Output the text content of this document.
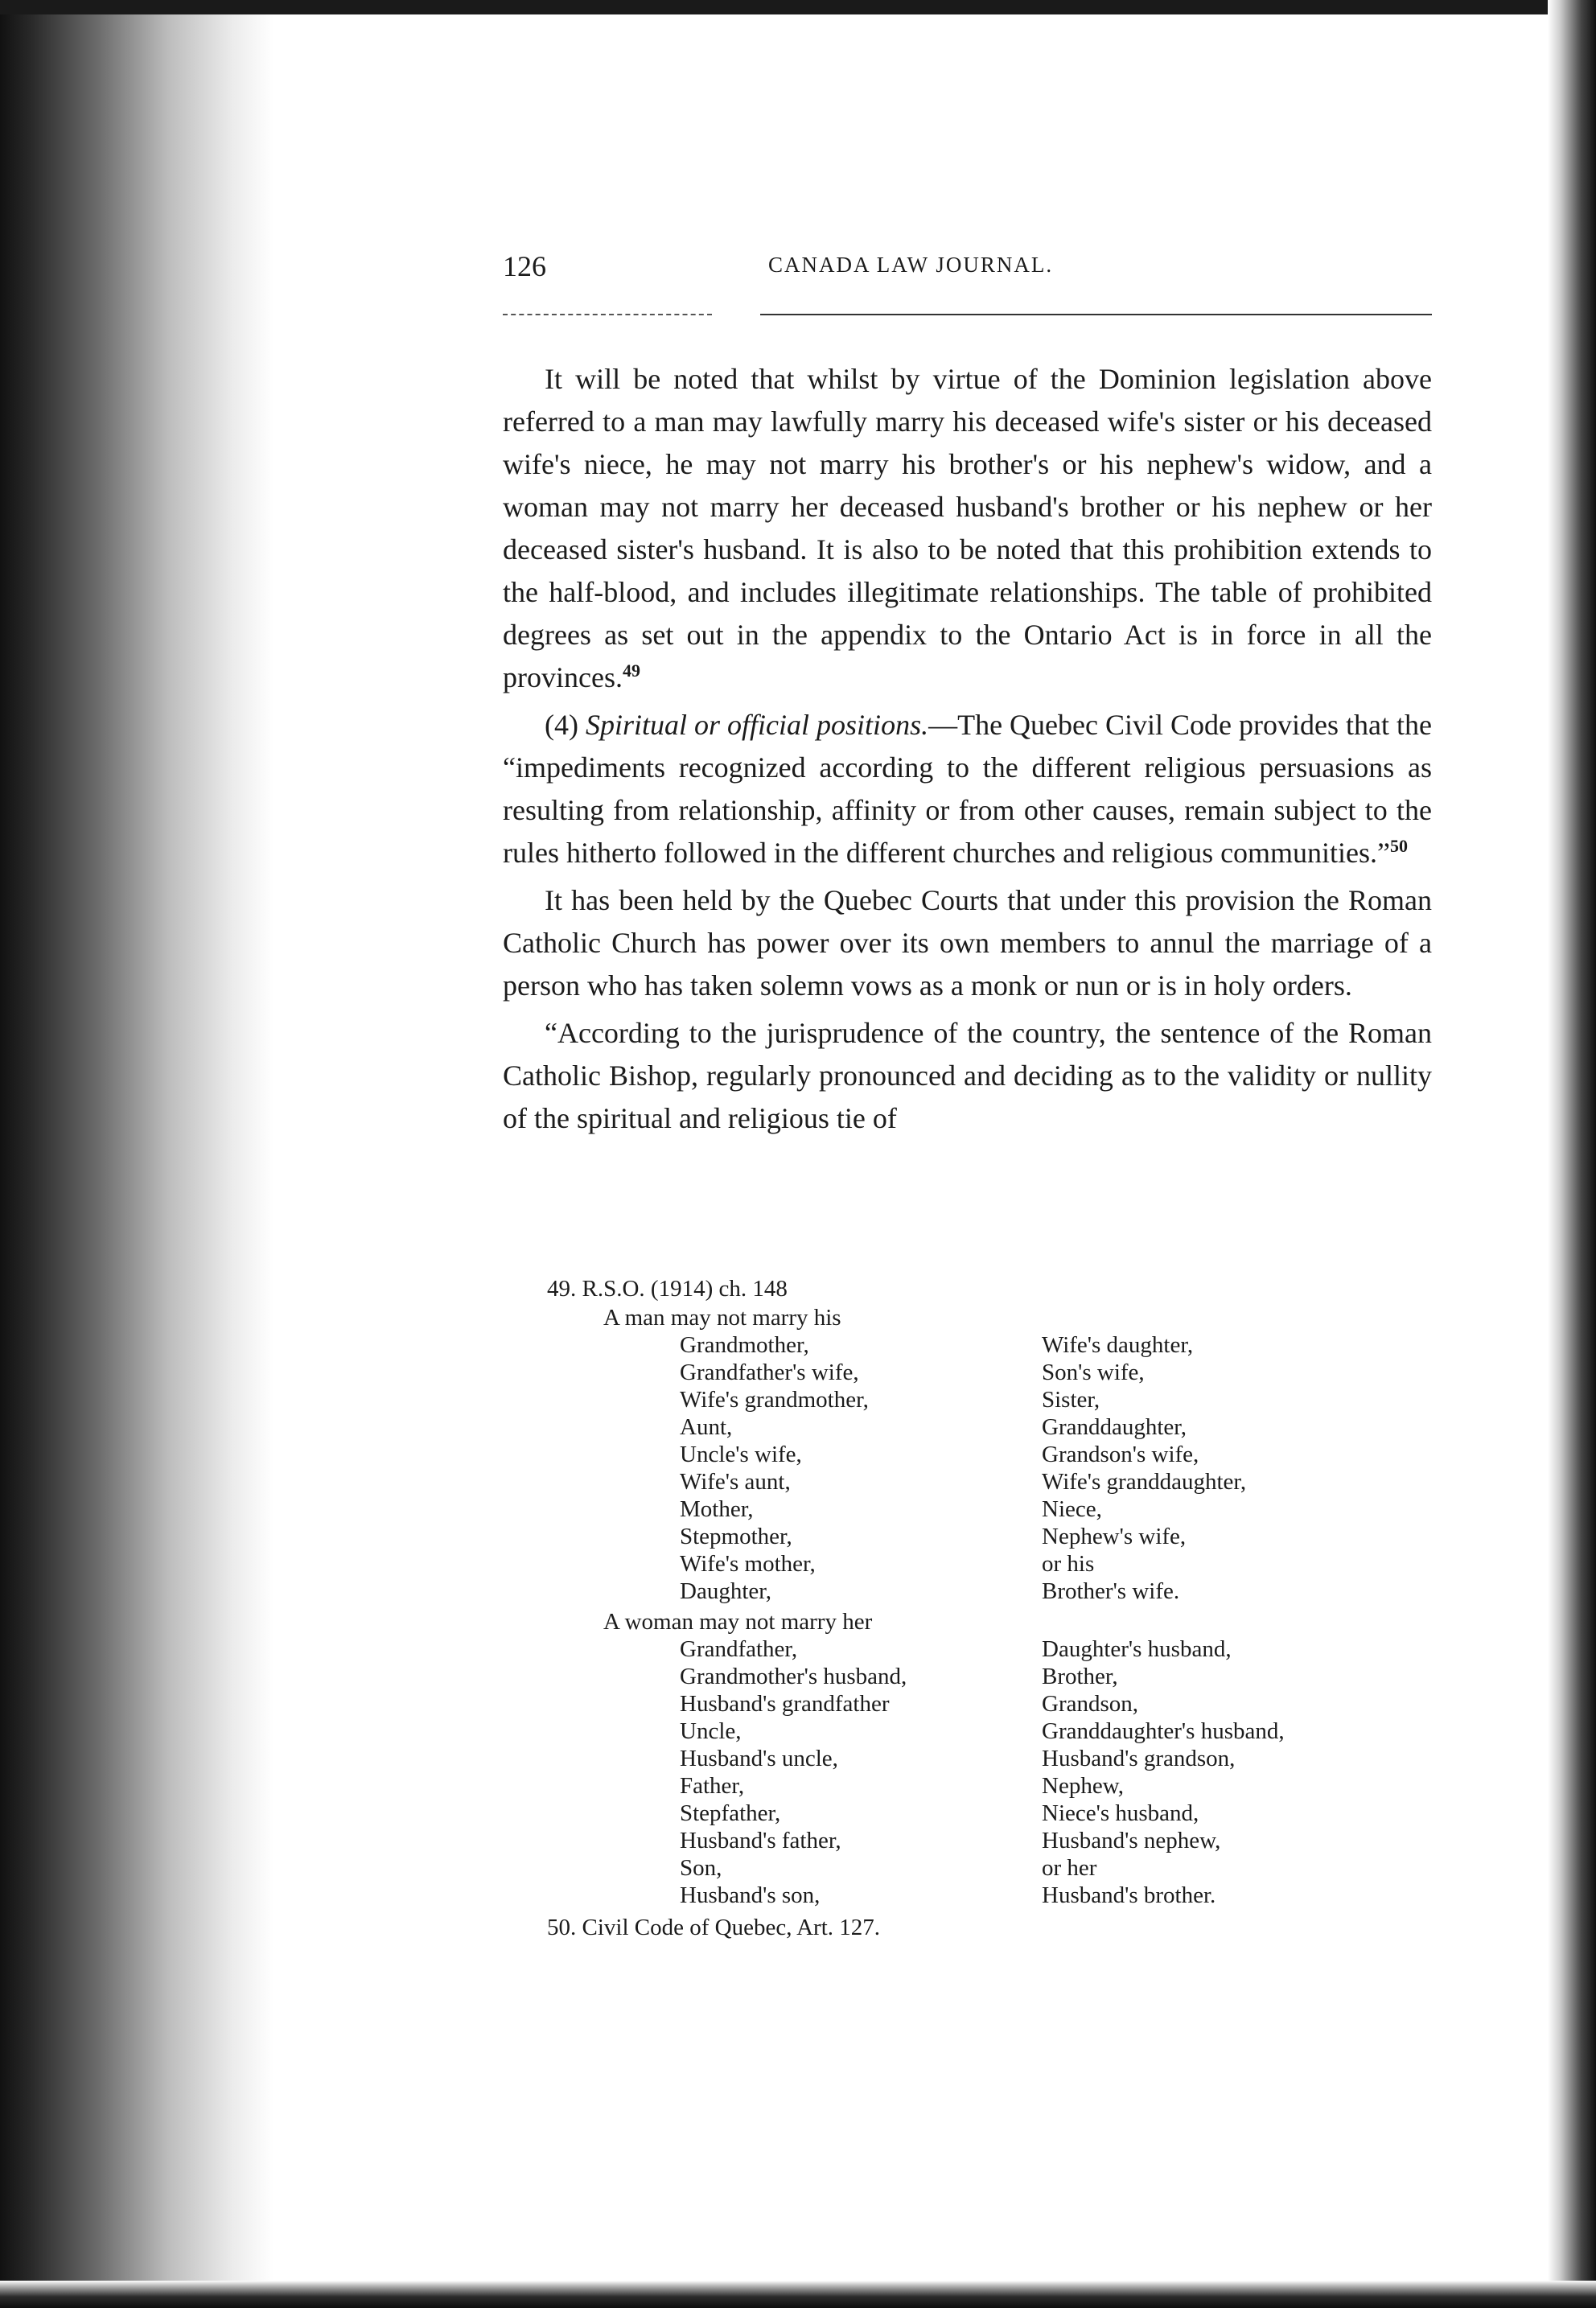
126	CANADA LAW JOURNAL.

It will be noted that whilst by virtue of the Dominion legislation above referred to a man may lawfully marry his deceased wife's sister or his deceased wife's niece, he may not marry his brother's or his nephew's widow, and a woman may not marry her deceased husband's brother or his nephew or her deceased sister's husband. It is also to be noted that this prohibition extends to the half-blood, and includes illegitimate relationships. The table of prohibited degrees as set out in the appendix to the Ontario Act is in force in all the provinces.$^{49}$

(4) Spiritual or official positions.—The Quebec Civil Code provides that the “impediments recognized according to the different religious persuasions as resulting from relationship, affinity or from other causes, remain subject to the rules hitherto followed in the different churches and religious communities.”$^{50}$

It has been held by the Quebec Courts that under this provision the Roman Catholic Church has power over its own members to annul the marriage of a person who has taken solemn vows as a monk or nun or is in holy orders.

“According to the jurisprudence of the country, the sentence of the Roman Catholic Bishop, regularly pronounced and deciding as to the validity or nullity of the spiritual and religious tie of

49. R.S.O. (1914) ch. 148
A man may not marry his
Grandmother,
Grandfather's wife,
Wife's grandmother,
Aunt,
Uncle's wife,
Wife's aunt,
Mother,
Stepmother,
Wife's mother,
Daughter,
Wife's daughter,
Son's wife,
Sister,
Granddaughter,
Grandson's wife,
Wife's granddaughter,
Niece,
Nephew's wife,
or his
Brother's wife.
A woman may not marry her
Grandfather,
Grandmother's husband,
Husband's grandfather
Uncle,
Husband's uncle,
Father,
Stepfather,
Husband's father,
Son,
Husband's son,
Daughter's husband,
Brother,
Grandson,
Granddaughter's husband,
Husband's grandson,
Nephew,
Niece's husband,
Husband's nephew,
or her
Husband's brother.
50. Civil Code of Quebec, Art. 127.
